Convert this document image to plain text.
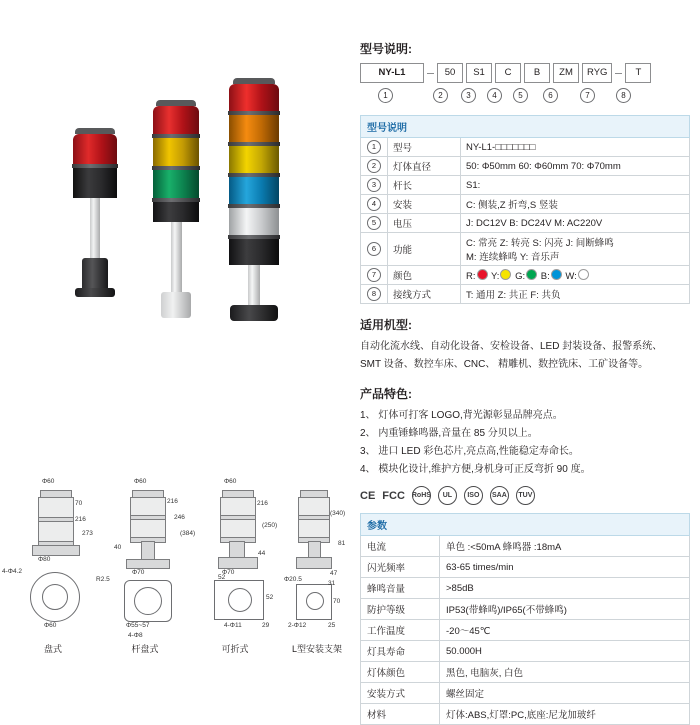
Φ60
70
216
273
Φ80
4-Φ4.2
Φ60
盘式
Φ60
216
246
(384)
40
Φ70
R2.5
Φ55~57
4-Φ8
杆盘式
Φ60
216
(250)
44
Φ70
52
52
4-Φ11	29
可折式
(340)
81
47
Φ20.5
70
2-Φ12	25
31
L型安装支架
型号说明:
NY-L1	50	S1	C	B	ZM	RYG	T
1	2	3	4	5	6	7	8
型号说明		
1	型号	NY-L1-□□□□□□□
2	灯体直径	50: Φ50mm 60: Φ60mm 70: Φ70mm
3	杆长	S1:
4	安装	C: 侧装,Z 折弯,S 竖装
5	电压	J: DC12V B: DC24V M: AC220V
6	功能	C: 常亮 Z: 转亮 S: 闪亮 J: 间断蜂鸣
M: 连续蜂鸣 Y: 音乐声

7	颜色	R: Y: G: B: W:
8	接线方式	T: 通用 Z: 共正 F: 共负
适用机型:

自动化流水线、自动化设备、安检设备、LED 封装设备、报警系统、

SMT 设备、数控车床、CNC、 精雕机、数控铣床、工矿设备等。

产品特色:

1、 灯体可打客 LOGO,背光源彰显品牌亮点。

2、 内重锤蜂鸣器,音量在 85 分贝以上。

3、 进口 LED 彩色芯片,亮点高,性能稳定寿命长。

4、 模块化设计,维护方便,身机身可正反弯折 90 度。

CE FCC RoHS	UL	ISO	SAA	TUV
参数	
电流	单色 :<50mA 蜂鸣器 :18mA
闪光频率	63-65 times/min
蜂鸣音量	>85dB
防护等级	IP53(带蜂鸣)/IP65(不带蜂鸣)
工作温度	-20～45℃
灯具寿命	50.000H
灯体颜色	黑色, 电脑灰, 白色
安装方式	螺丝固定
材料	灯体:ABS,灯罩:PC,底座:尼龙加玻纤
